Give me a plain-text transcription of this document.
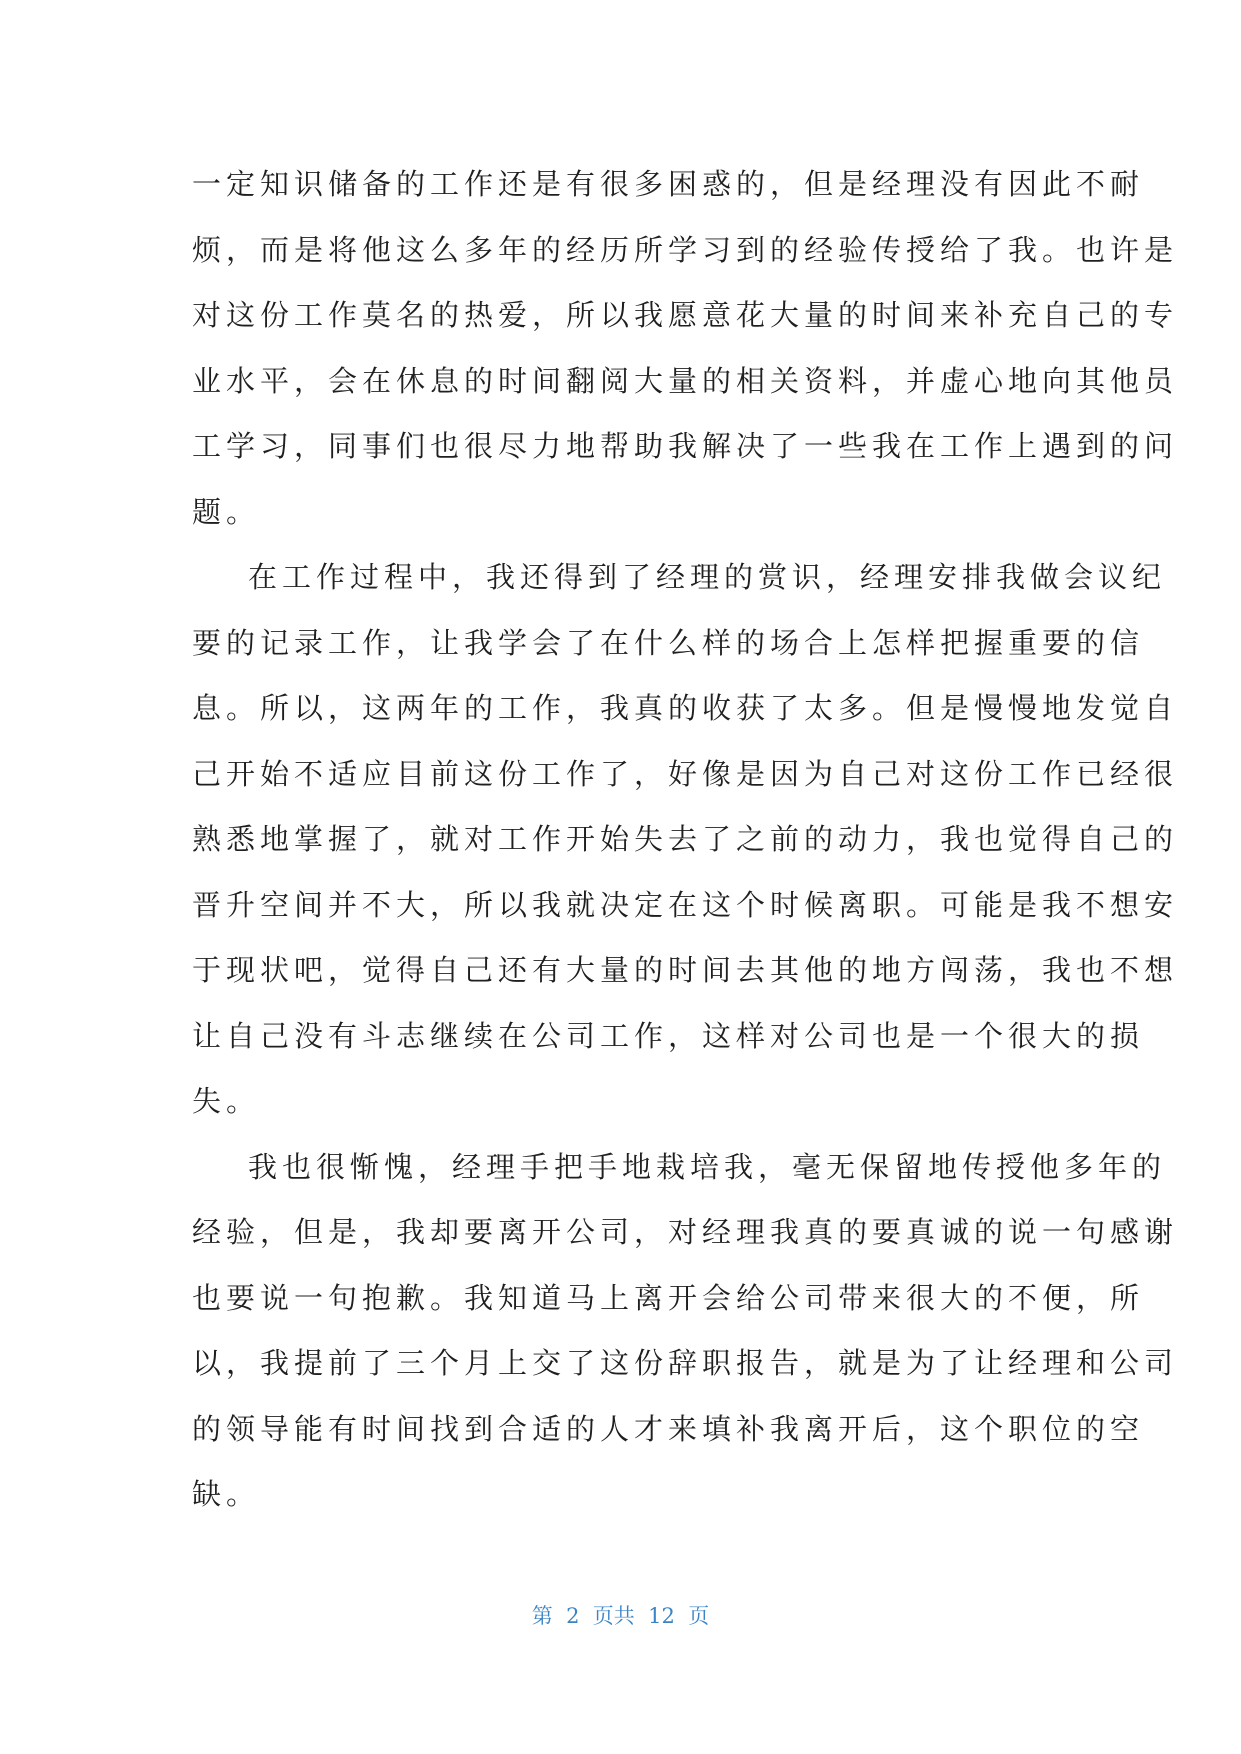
一定知识储备的工作还是有很多困惑的，但是经理没有因此不耐
烦，而是将他这么多年的经历所学习到的经验传授给了我。也许是
对这份工作莫名的热爱，所以我愿意花大量的时间来补充自己的专
业水平，会在休息的时间翻阅大量的相关资料，并虚心地向其他员
工学习，同事们也很尽力地帮助我解决了一些我在工作上遇到的问
题。
在工作过程中，我还得到了经理的赏识，经理安排我做会议纪
要的记录工作，让我学会了在什么样的场合上怎样把握重要的信
息。所以，这两年的工作，我真的收获了太多。但是慢慢地发觉自
己开始不适应目前这份工作了，好像是因为自己对这份工作已经很
熟悉地掌握了，就对工作开始失去了之前的动力，我也觉得自己的
晋升空间并不大，所以我就决定在这个时候离职。可能是我不想安
于现状吧，觉得自己还有大量的时间去其他的地方闯荡，我也不想
让自己没有斗志继续在公司工作，这样对公司也是一个很大的损
失。
我也很惭愧，经理手把手地栽培我，毫无保留地传授他多年的
经验，但是，我却要离开公司，对经理我真的要真诚的说一句感谢
也要说一句抱歉。我知道马上离开会给公司带来很大的不便，所
以，我提前了三个月上交了这份辞职报告，就是为了让经理和公司
的领导能有时间找到合适的人才来填补我离开后，这个职位的空
缺。
第  2  页共  12  页
